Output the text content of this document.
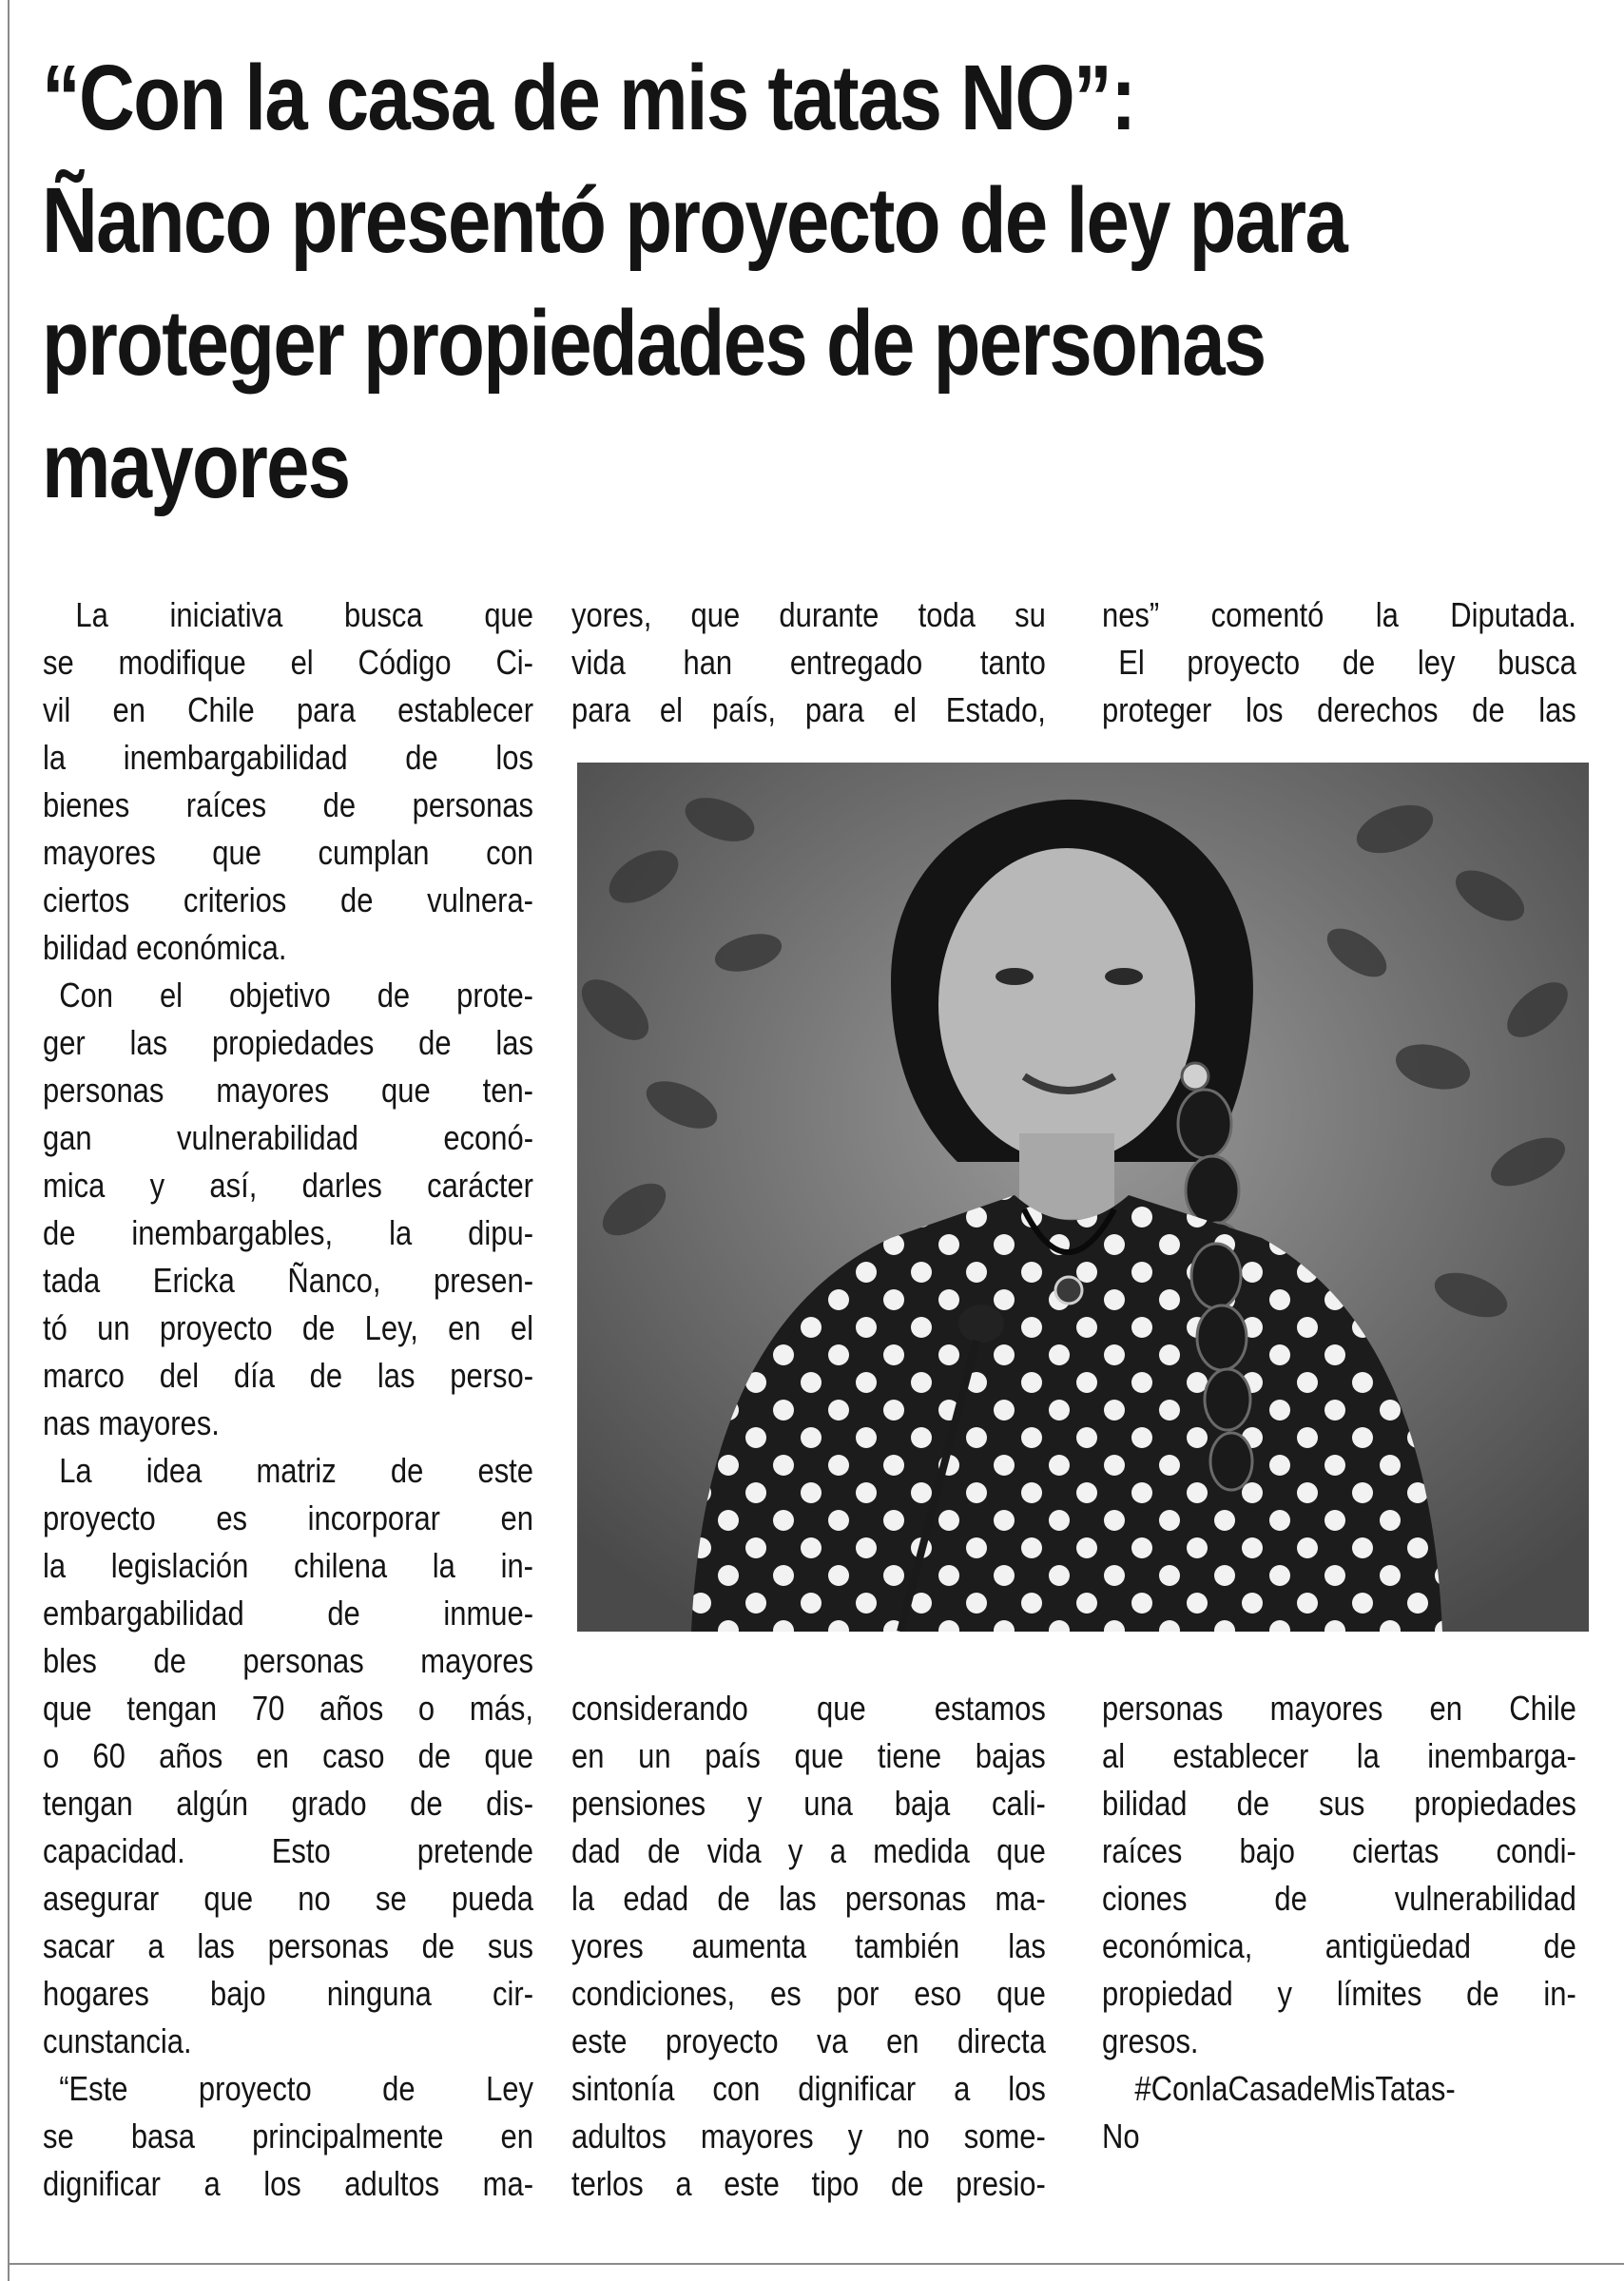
“Con la casa de mis tatas NO”:
Ñanco presentó proyecto de ley para
proteger propiedades de personas
mayores
La iniciativa busca que
se modifique el Código Ci-
vil en Chile para establecer
la inembargabilidad de los
bienes raíces de personas
mayores que cumplan con
ciertos criterios de vulnera-
bilidad económica.
Con el objetivo de prote-
ger las propiedades de las
personas mayores que ten-
gan vulnerabilidad econó-
mica y así, darles carácter
de inembargables, la dipu-
tada Ericka Ñanco, presen-
tó un proyecto de Ley, en el
marco del día de las perso-
nas mayores.
La idea matriz de este
proyecto es incorporar en
la legislación chilena la in-
embargabilidad de inmue-
bles de personas mayores
que tengan 70 años o más,
o 60 años en caso de que
tengan algún grado de dis-
capacidad. Esto pretende
asegurar que no se pueda
sacar a las personas de sus
hogares bajo ninguna cir-
cunstancia.
“Este proyecto de Ley
se basa principalmente en
dignificar a los adultos ma-
yores, que durante toda su
vida han entregado tanto
para el país, para el Estado,
nes” comentó la Diputada.
El proyecto de ley busca
proteger los derechos de las
considerando que estamos
en un país que tiene bajas
pensiones y una baja cali-
dad de vida y a medida que
la edad de las personas ma-
yores aumenta también las
condiciones, es por eso que
este proyecto va en directa
sintonía con dignificar a los
adultos mayores y no some-
terlos a este tipo de presio-
personas mayores en Chile
al establecer la inembarga-
bilidad de sus propiedades
raíces bajo ciertas condi-
ciones de vulnerabilidad
económica, antigüedad de
propiedad y límites de in-
gresos.
#ConlaCasadeMisTatas-
No
